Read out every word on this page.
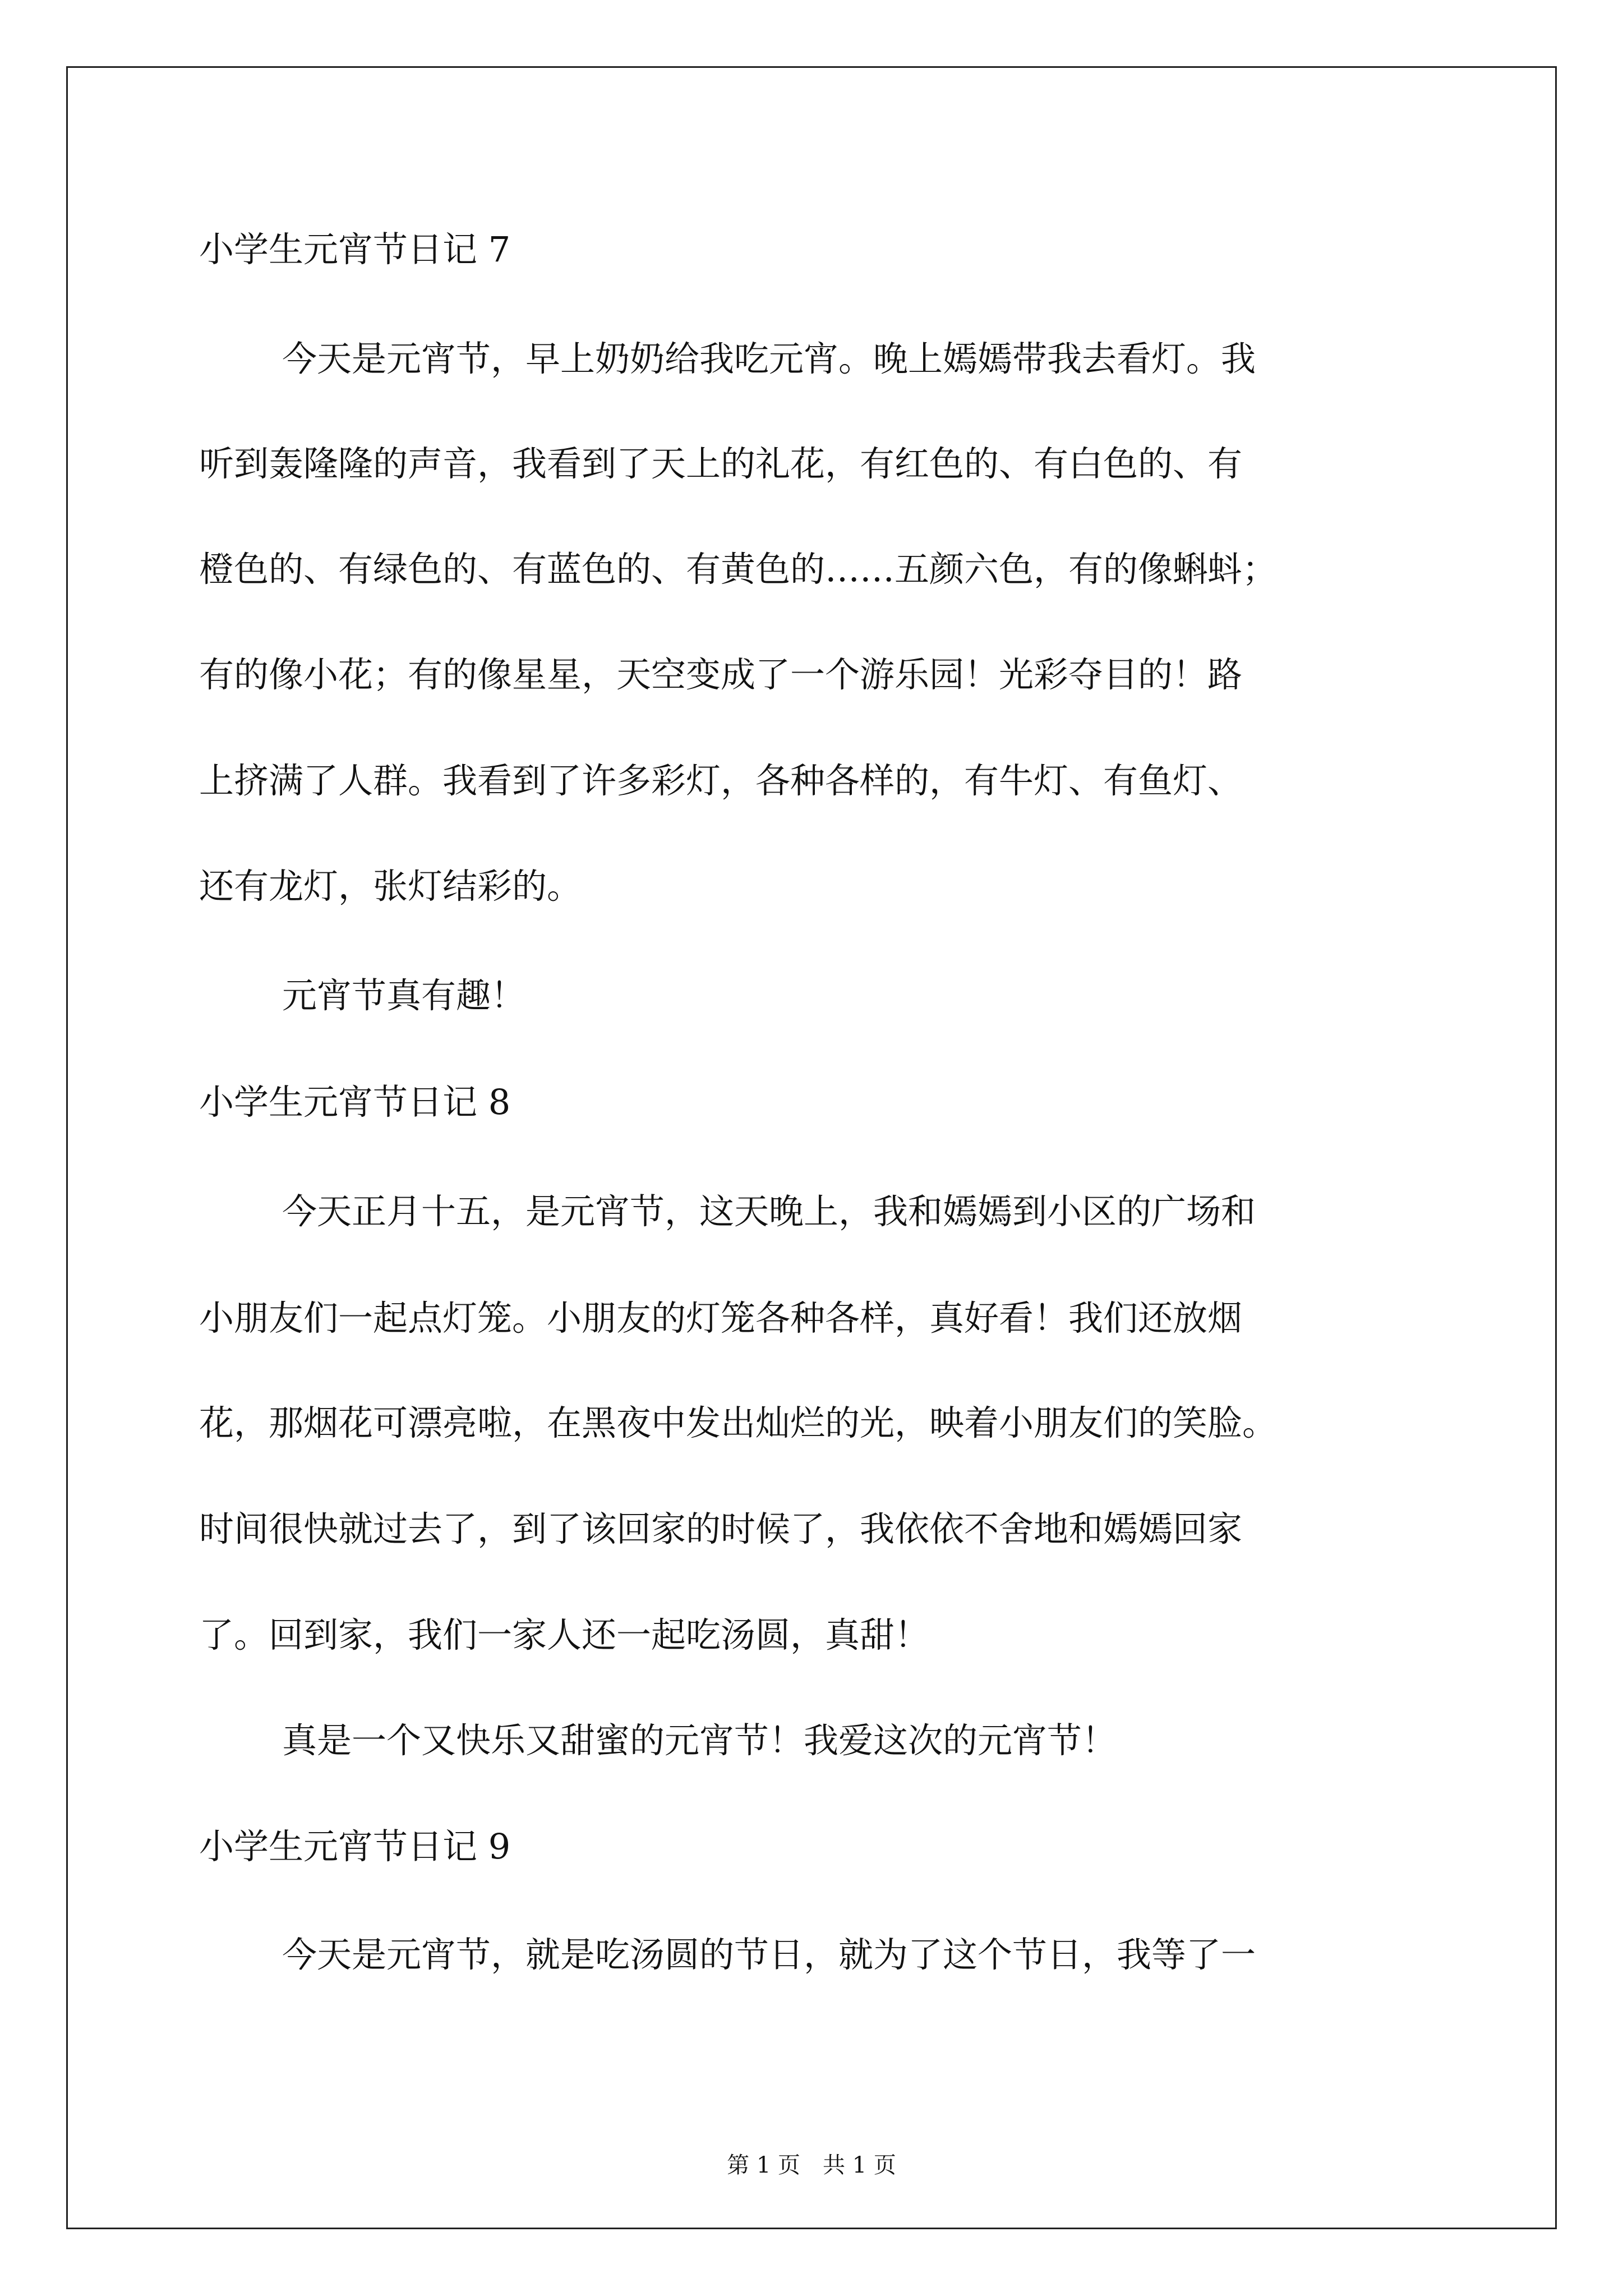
小学生元宵节日记 7
今天是元宵节，早上奶奶给我吃元宵。晚上嫣嫣带我去看灯。我
听到轰隆隆的声音，我看到了天上的礼花，有红色的、有白色的、有
橙色的、有绿色的、有蓝色的、有黄色的……五颜六色，有的像蝌蚪；
有的像小花；有的像星星，天空变成了一个游乐园！光彩夺目的！路
上挤满了人群。我看到了许多彩灯，各种各样的，有牛灯、有鱼灯、
还有龙灯，张灯结彩的。
元宵节真有趣！
小学生元宵节日记 8
今天正月十五，是元宵节，这天晚上，我和嫣嫣到小区的广场和
小朋友们一起点灯笼。小朋友的灯笼各种各样，真好看！我们还放烟
花，那烟花可漂亮啦，在黑夜中发出灿烂的光，映着小朋友们的笑脸。
时间很快就过去了，到了该回家的时候了，我依依不舍地和嫣嫣回家
了。回到家，我们一家人还一起吃汤圆，真甜！
真是一个又快乐又甜蜜的元宵节！我爱这次的元宵节！
小学生元宵节日记 9
今天是元宵节，就是吃汤圆的节日，就为了这个节日，我等了一
第 1 页　共 1 页
